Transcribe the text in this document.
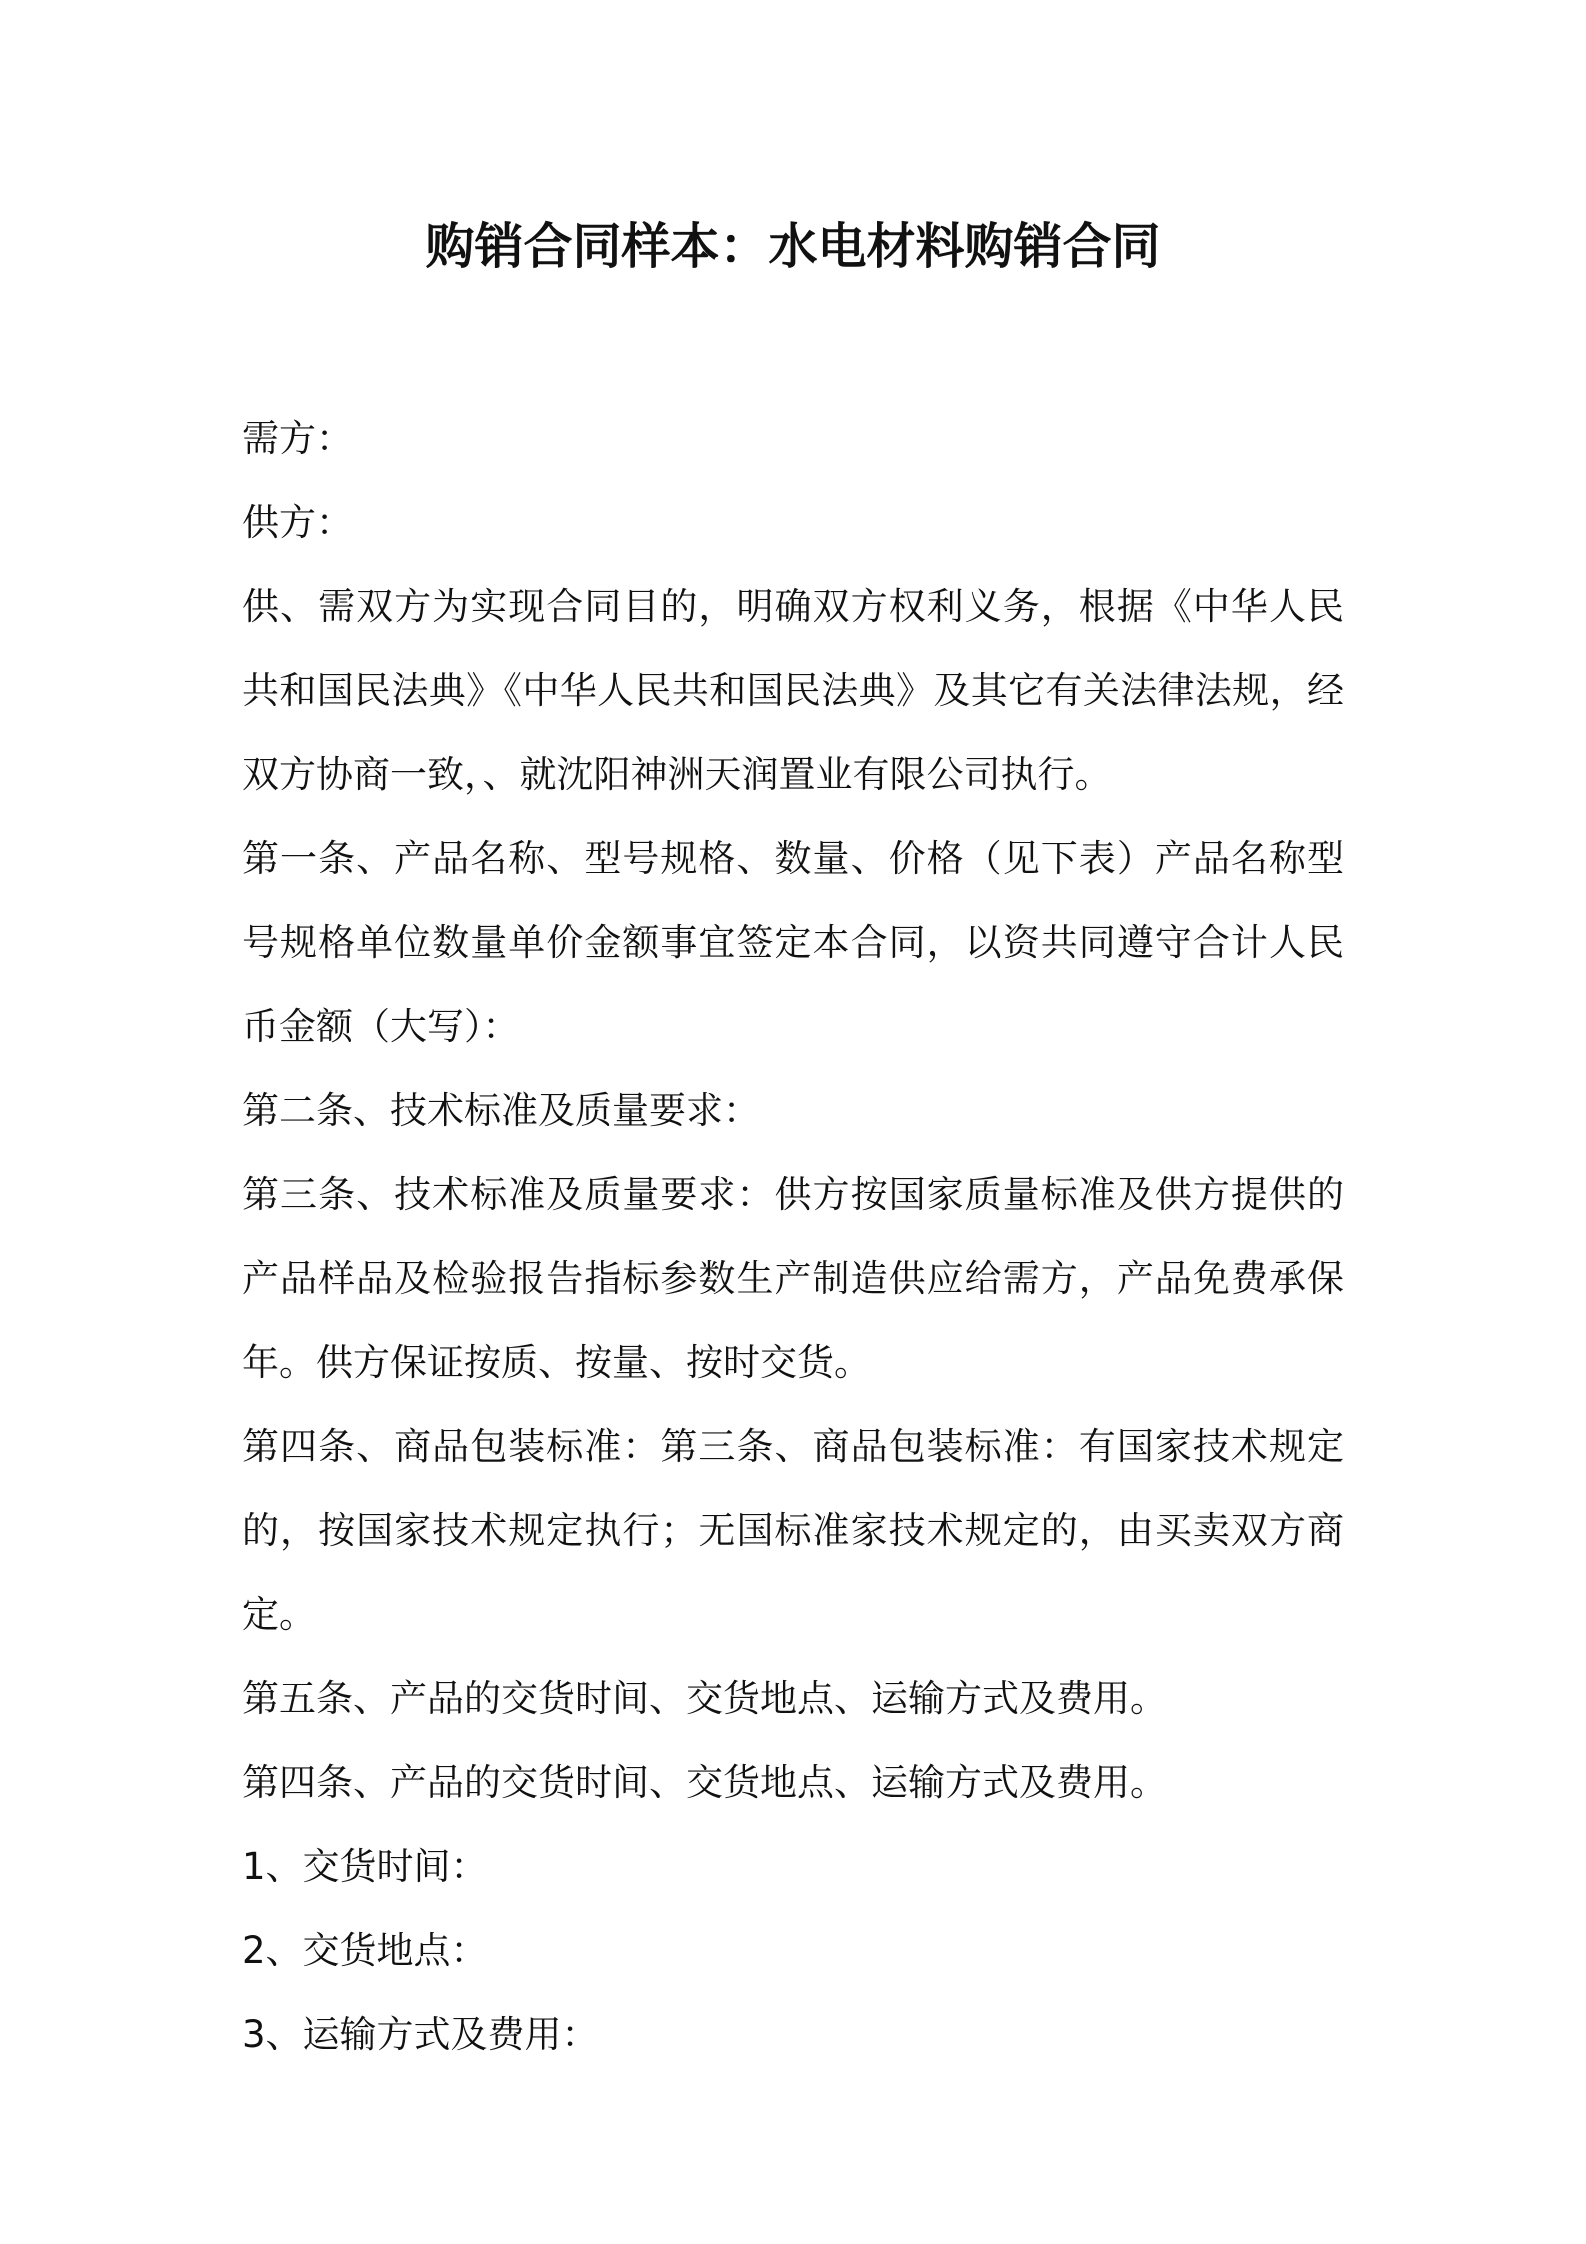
购销合同样本：水电材料购销合同

需方：

供方：

供、需双方为实现合同目的，明确双方权利义务，根据《中华人民共和国民法典》《中华人民共和国民法典》及其它有关法律法规，经双方协商一致，、就沈阳神洲天润置业有限公司执行。

第一条、产品名称、型号规格、数量、价格（见下表）产品名称型号规格单位数量单价金额事宜签定本合同，以资共同遵守合计人民币金额（大写）：

第二条、技术标准及质量要求：

第三条、技术标准及质量要求：供方按国家质量标准及供方提供的产品样品及检验报告指标参数生产制造供应给需方，产品免费承保年。供方保证按质、按量、按时交货。

第四条、商品包装标准：第三条、商品包装标准：有国家技术规定的，按国家技术规定执行；无国标准家技术规定的，由买卖双方商定。

第五条、产品的交货时间、交货地点、运输方式及费用。

第四条、产品的交货时间、交货地点、运输方式及费用。

1、交货时间：

2、交货地点：

3、运输方式及费用：
